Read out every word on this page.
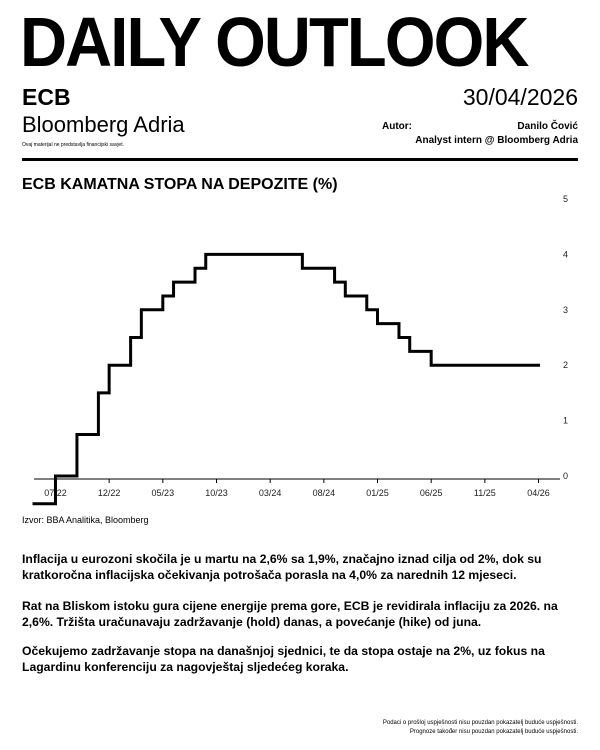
DAILY OUTLOOK
ECB	30/04/2026
Bloomberg Adria
Ovaj materijal ne predstavlja financijski savjet.
Autor:	Danilo Čović
Analyst intern @ Bloomberg Adria
ECB KAMATNA STOPA NA DEPOZITE (%)
07/22	12/22	05/23	10/23	03/24	08/24	01/25	06/25	11/25	04/26
0
1
2
3
4
5
Izvor: BBA Analitika, Bloomberg

Inflacija u eurozoni skočila je u martu na 2,6% sa 1,9%, značajno iznad cilja od 2%, dok su kratkoročna inflacijska očekivanja potrošača porasla na 4,0% za narednih 12 mjeseci.

Rat na Bliskom istoku gura cijene energije prema gore, ECB je revidirala inflaciju za 2026. na 2,6%. Tržišta uračunavaju zadržavanje (hold) danas, a povećanje (hike) od juna.

Očekujemo zadržavanje stopa na današnjoj sjednici, te da stopa ostaje na 2%, uz fokus na Lagardinu konferenciju za nagovještaj sljedećeg koraka.

Podaci o prošloj uspješnosti nisu pouzdan pokazatelj buduće uspješnosti.
Prognoze također nisu pouzdan pokazatelj buduće uspješnosti.
